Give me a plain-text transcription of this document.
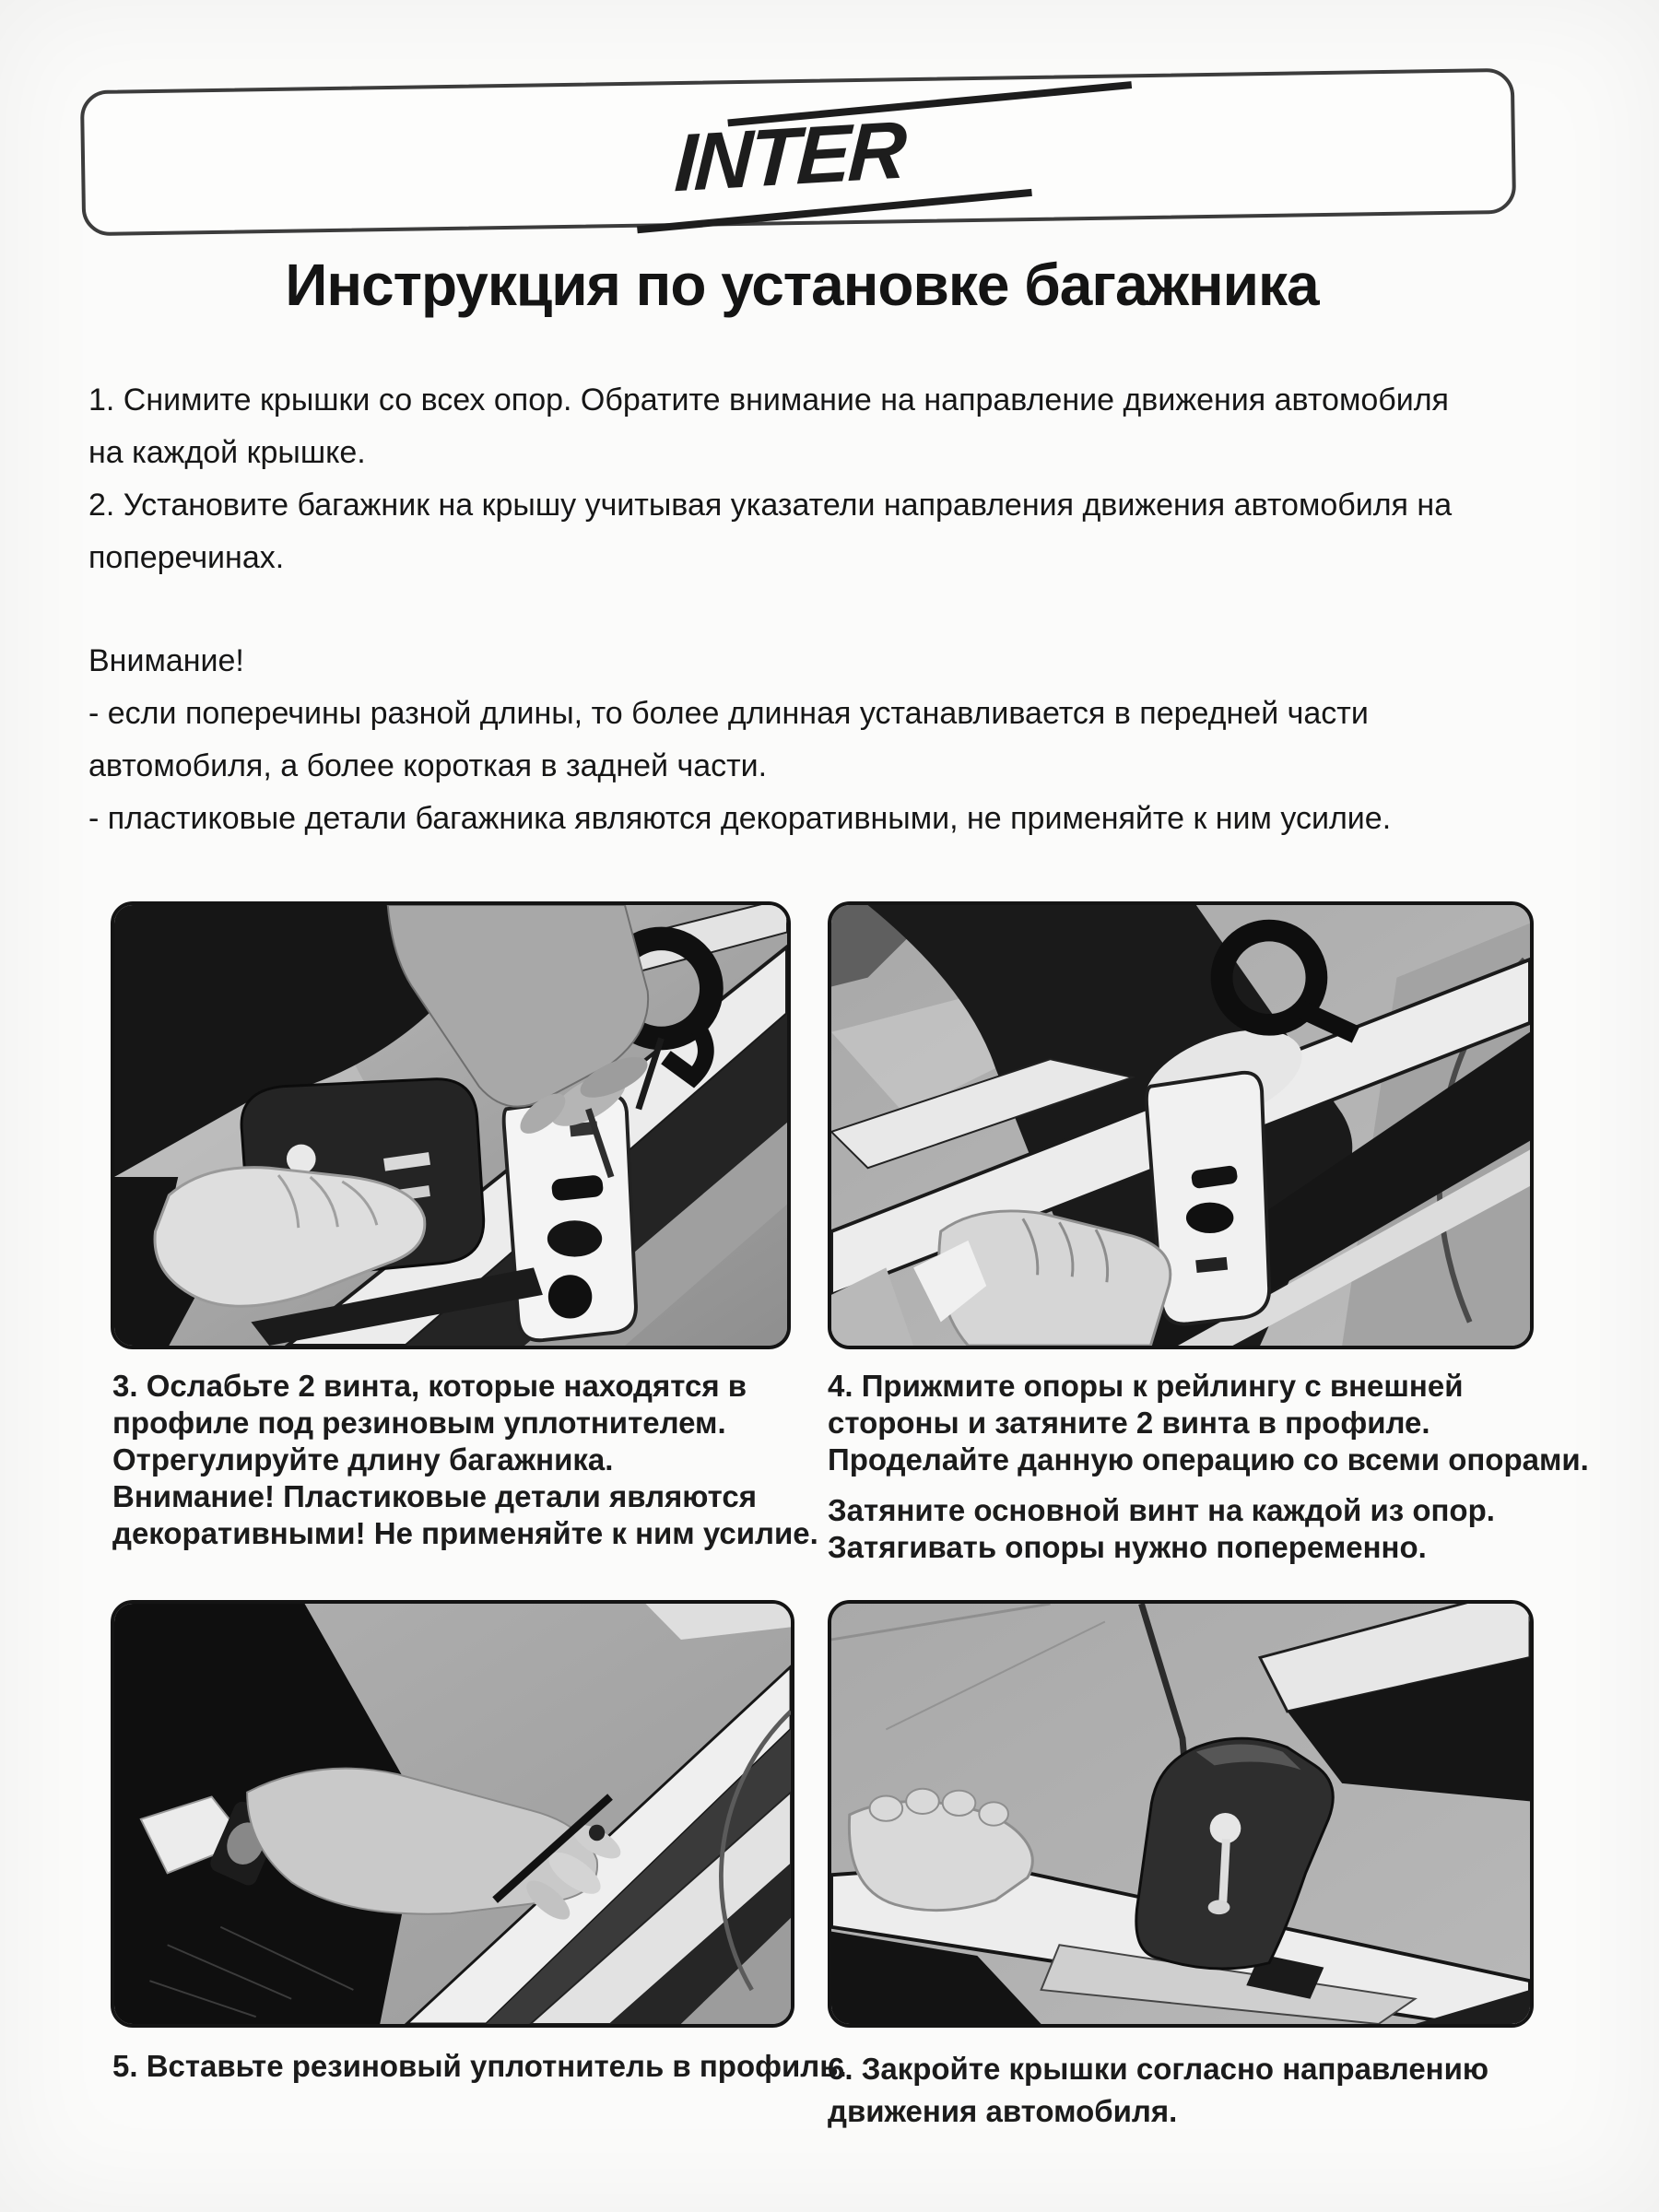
INTER
Инструкция по установке багажника
1. Снимите крышки со всех опор. Обратите внимание на направление движения автомобиля
на каждой крышке.
2. Установите багажник на крышу учитывая указатели направления движения автомобиля на
поперечинах.
Внимание!
- если поперечины разной длины, то более длинная устанавливается в передней части
автомобиля, а более короткая в задней части.
- пластиковые детали багажника являются декоративными, не применяйте к ним усилие.
3. Ослабьте 2 винта, которые находятся в
профиле под резиновым уплотнителем.
Отрегулируйте длину багажника.
Внимание! Пластиковые детали являются
декоративными! Не применяйте к ним усилие.
4. Прижмите опоры к рейлингу с внешней
стороны и затяните 2 винта в профиле.
Проделайте данную операцию со всеми опорами.
Затяните основной винт на каждой из опор.
Затягивать опоры нужно попеременно.
5. Вставьте резиновый уплотнитель в профиль.
6. Закройте крышки согласно направлению
движения автомобиля.
